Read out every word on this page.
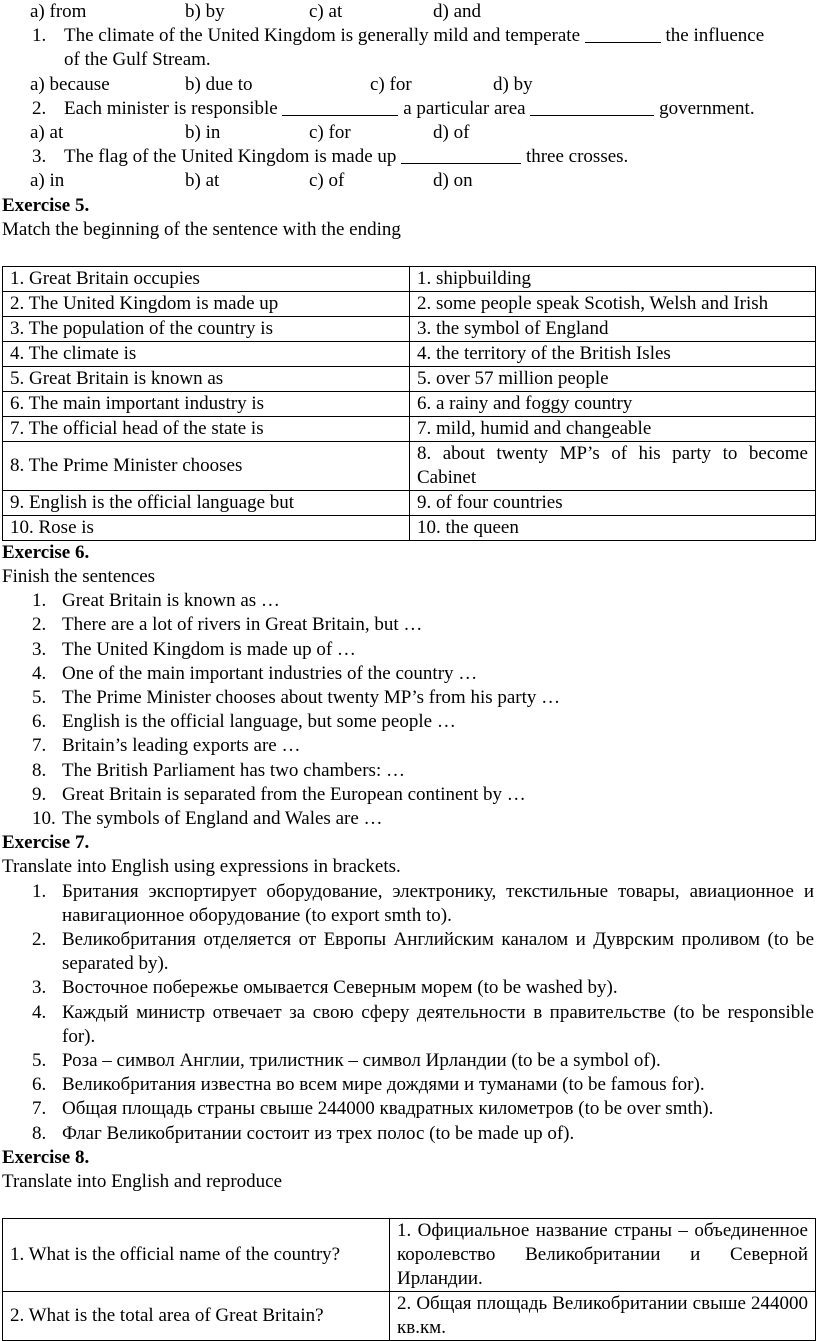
a) from	b) by	c) at	d) and
1. The climate of the United Kingdom is generally mild and temperate
	the influence
of the Gulf Stream.
a) because	b) due to	c) for	d) by
2. Each minister is responsible	a particular area	government.
a) at	b) in	c) for	d) of
3. The flag of the United Kingdom is made up	three crosses.
a) in	b) at	c) of	d) on
Exercise 5.
Match the beginning of the sentence with the ending
1. Great Britain occupies	1. shipbuilding
2. The United Kingdom is made up	2. some people speak Scotish, Welsh and Irish
3. The population of the country is	3. the symbol of England
4. The climate is	4. the territory of the British Isles
5. Great Britain is known as	5. over 57 million people
6. The main important industry is	6. a rainy and foggy country
7. The official head of the state is	7. mild, humid and changeable
8. The Prime Minister chooses	8. about twenty MP’s of his party to become Cabinet
9. English is the official language but	9. of four countries
10. Rose is	10. the queen
Exercise 6.
Finish the sentences
1. Great Britain is known as …
2. There are a lot of rivers in Great Britain, but …
3. The United Kingdom is made up of …
4. One of the main important industries of the country …
5. The Prime Minister chooses about twenty MP’s from his party …
6. English is the official language, but some people …
7. Britain’s leading exports are …
8. The British Parliament has two chambers: …
9. Great Britain is separated from the European continent by …
10. The symbols of England and Wales are …
Exercise 7.
Translate into English using expressions in brackets.
1. Британия экспортирует оборудование, электронику, текстильные товары, авиационное и навигационное оборудование (to export smth to).
2. Великобритания отделяется от Европы Английским каналом и Дуврским проливом (to be separated by).
3. Восточное побережье омывается Северным морем (to be washed by).
4. Каждый министр отвечает за свою сферу деятельности в правительстве (to be responsible for).
5. Роза – символ Англии, трилистник – символ Ирландии (to be a symbol of).
6. Великобритания известна во всем мире дождями и туманами (to be famous for).
7. Общая площадь страны свыше 244000 квадратных километров (to be over smth).
8. Флаг Великобритании состоит из трех полос (to be made up of).
Exercise 8.
Translate into English and reproduce
1. What is the official name of the country?	1. Официальное название страны – объединенное королевство Великобритании и Северной Ирландии.
2. What is the total area of Great Britain?	2. Общая площадь Великобритании свыше 244000 кв.км.
